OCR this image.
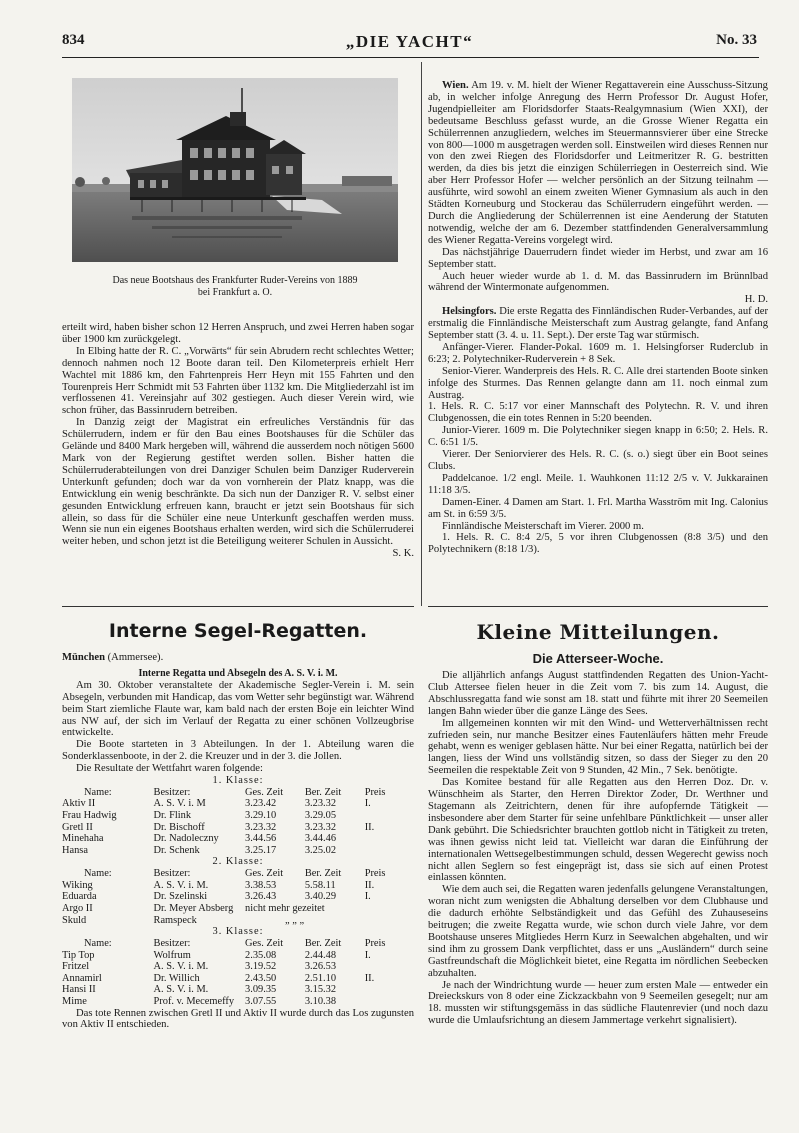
834	„DIE YACHT“	No. 33
Das neue Bootshaus des Frankfurter Ruder-Vereins von 1889
bei Frankfurt a. O.

erteilt wird, haben bisher schon 12 Herren Anspruch, und zwei Herren haben sogar über 1900 km zurückgelegt.

In Elbing hatte der R. C. „Vorwärts“ für sein Abrudern recht schlechtes Wetter; dennoch nahmen noch 12 Boote daran teil. Den Kilometerpreis erhielt Herr Wachtel mit 1886 km, den Fahrtenpreis Herr Heyn mit 155 Fahrten und den Tourenpreis Herr Schmidt mit 53 Fahrten über 1132 km. Die Mitgliederzahl ist im verflossenen 41. Vereinsjahr auf 302 gestiegen. Auch dieser Verein wird, wie schon früher, das Bassinrudern betreiben.

In Danzig zeigt der Magistrat ein erfreuliches Verständnis für das Schülerrudern, indem er für den Bau eines Bootshauses für die Schüler das Gelände und 8400 Mark hergeben will, während die ausserdem noch nötigen 5600 Mark von der Regierung gestiftet werden sollen. Bisher hatten die Schülerruderabteilungen von drei Danziger Schulen beim Danziger Ruderverein Unterkunft gefunden; doch war da von vornherein der Platz knapp, was die Entwicklung ein wenig beschränkte. Da sich nun der Danziger R. V. selbst einer gesunden Entwicklung erfreuen kann, braucht er jetzt sein Bootshaus für sich allein, so dass für die Schüler eine neue Unterkunft geschaffen werden muss. Wenn sie nun ein eigenes Bootshaus erhalten werden, wird sich die Schülerruderei weiter heben, und schon jetzt ist die Beteiligung weiterer Schulen in Aussicht.

S. K.

Wien. Am 19. v. M. hielt der Wiener Regattaverein eine Ausschuss-Sitzung ab, in welcher infolge Anregung des Herrn Professor Dr. August Hofer, Jugendpielleiter am Floridsdorfer Staats-Realgymnasium (Wien XXI), der bedeutsame Beschluss gefasst wurde, an die Grosse Wiener Regatta ein Schülerrennen anzugliedern, welches im Steuermannsvierer über eine Strecke von 800—1000 m ausgetragen werden soll. Einstweilen wird dieses Rennen nur von den zwei Riegen des Floridsdorfer und Leitmeritzer R. G. bestritten werden, da dies bis jetzt die einzigen Schülerriegen in Oesterreich sind. Wie aber Herr Professor Hofer — welcher persönlich an der Sitzung teilnahm — ausführte, wird sowohl an einem zweiten Wiener Gymnasium als auch in den Städten Korneuburg und Stockerau das Schülerrudern eingeführt werden. — Durch die Angliederung der Schülerrennen ist eine Aenderung der Statuten notwendig, welche der am 6. Dezember stattfindenden Generalversammlung des Wiener Regatta-Vereins vorgelegt wird.

Das nächstjährige Dauerrudern findet wieder im Herbst, und zwar am 16 September statt.

Auch heuer wieder wurde ab 1. d. M. das Bassinrudern im Brünnlbad während der Wintermonate aufgenommen.

H. D.

Helsingfors. Die erste Regatta des Finnländischen Ruder-Verbandes, auf der erstmalig die Finnländische Meisterschaft zum Austrag gelangte, fand Anfang September statt (3. 4. u. 11. Sept.). Der erste Tag war stürmisch.

Anfänger-Vierer. Flander-Pokal. 1609 m. 1. Helsingforser Ruderclub in 6:23; 2. Polytechniker-Ruderverein + 8 Sek.

Senior-Vierer. Wanderpreis des Hels. R. C. Alle drei startenden Boote sinken infolge des Sturmes. Das Rennen gelangte dann am 11. noch einmal zum Austrag.

1. Hels. R. C. 5:17 vor einer Mannschaft des Polytechn. R. V. und ihren Clubgenossen, die ein totes Rennen in 5:20 beenden.

Junior-Vierer. 1609 m. Die Polytechniker siegen knapp in 6:50; 2. Hels. R. C. 6:51 1/5.

Vierer. Der Seniorvierer des Hels. R. C. (s. o.) siegt über ein Boot seines Clubs.

Paddelcanoe. 1/2 engl. Meile. 1. Wauhkonen 11:12 2/5 v. V. Jukkarainen 11:18 3/5.

Damen-Einer. 4 Damen am Start. 1. Frl. Martha Wasström mit Ing. Calonius am St. in 6:59 3/5.

Finnländische Meisterschaft im Vierer. 2000 m.

1. Hels. R. C. 8:4 2/5, 5 vor ihren Clubgenossen (8:8 3/5) und den Polytechnikern (8:18 1/3).

Interne Segel-Regatten.
München (Ammersee).
Interne Regatta und Absegeln des A. S. V. i. M.

Am 30. Oktober veranstaltete der Akademische Segler-Verein i. M. sein Absegeln, verbunden mit Handicap, das vom Wetter sehr begünstigt war. Während beim Start ziemliche Flaute war, kam bald nach der ersten Boje ein leichter Wind aus NW auf, der sich im Verlauf der Regatta zu einer schönen Vollzeugbrise entwickelte.

Die Boote starteten in 3 Abteilungen. In der 1. Abteilung waren die Sonderklassenboote, in der 2. die Kreuzer und in der 3. die Jollen.

Die Resultate der Wettfahrt waren folgende:

1. Klasse:
Name:	Besitzer:	Ges. Zeit	Ber. Zeit	Preis
Aktiv II	A. S. V. i. M	3.23.42	3.23.32	I.
Frau Hadwig	Dr. Flink	3.29.10	3.29.05	
Gretl II	Dr. Bischoff	3.23.32	3.23.32	II.
Minehaha	Dr. Nadoleczny	3.44.56	3.44.46	
Hansa	Dr. Schenk	3.25.17	3.25.02	
2. Klasse:
Name:	Besitzer:	Ges. Zeit	Ber. Zeit	Preis
Wiking	A. S. V. i. M.	3.38.53	5.58.11	II.
Eduarda	Dr. Szelinski	3.26.43	3.40.29	I.
Argo II	Dr. Meyer Absberg	nicht mehr gezeitet		
Skuld	Ramspeck	„ „ „		
3. Klasse:
Name:	Besitzer:	Ges. Zeit	Ber. Zeit	Preis
Tip Top	Wolfrum	2.35.08	2.44.48	I.
Fritzel	A. S. V. i. M.	3.19.52	3.26.53	
Annamirl	Dr. Willich	2.43.50	2.51.10	II.
Hansi II	A. S. V. i. M.	3.09.35	3.15.32	
Mime	Prof. v. Mecemeffy	3.07.55	3.10.38	

Das tote Rennen zwischen Gretl II und Aktiv II wurde durch das Los zugunsten von Aktiv II entschieden.

Kleine Mitteilungen.
Die Atterseer-Woche.

Die alljährlich anfangs August stattfindenden Regatten des Union-Yacht-Club Attersee fielen heuer in die Zeit vom 7. bis zum 14. August, die Abschlussregatta fand wie sonst am 18. statt und führte mit ihrer 20 Seemeilen langen Bahn wieder über die ganze Länge des Sees.

Im allgemeinen konnten wir mit den Wind- und Wetterverhältnissen recht zufrieden sein, nur manche Besitzer eines Fautenläufers hätten mehr Freude gehabt, wenn es weniger geblasen hätte. Nur bei einer Regatta, natürlich bei der langen, liess der Wind uns vollständig sitzen, so dass der Sieger zu den 20 Seemeilen die respektable Zeit von 9 Stunden, 42 Min., 7 Sek. benötigte.

Das Komitee bestand für alle Regatten aus den Herren Doz. Dr. v. Wünschheim als Starter, den Herren Direktor Zoder, Dr. Werthner und Stagemann als Zeitrichtern, denen für ihre aufopfernde Tätigkeit — insbesondere aber dem Starter für seine unfehlbare Pünktlichkeit — unser aller Dank gebührt. Die Schiedsrichter brauchten gottlob nicht in Tätigkeit zu treten, was ihnen gewiss nicht leid tat. Vielleicht war daran die Einführung der internationalen Wettsegelbestimmungen schuld, dessen Wegerecht gewiss noch nicht allen Seglern so fest eingeprägt ist, dass sie sich auf einen Protest einlassen könnten.

Wie dem auch sei, die Regatten waren jedenfalls gelungene Veranstaltungen, woran nicht zum wenigsten die Abhaltung derselben vor dem Clubhause und die dadurch erhöhte Selbständigkeit und das Gefühl des Zuhauseseins beitrugen; die zweite Regatta wurde, wie schon durch viele Jahre, vor dem Bootshause unseres Mitgliedes Herrn Kurz in Seewalchen abgehalten, und wir sind ihm zu grossem Dank verpflichtet, dass er uns „Ausländern“ durch seine Gastfreundschaft die Möglichkeit bietet, eine Regatta im nördlichen Seebecken abzuhalten.

Je nach der Windrichtung wurde — heuer zum ersten Male — entweder ein Dreieckskurs von 8 oder eine Zickzackbahn von 9 Seemeilen gesegelt; nur am 18. mussten wir stiftungsgemäss in das südliche Flautenrevier (und noch dazu wurde die Umlaufsrichtung an diesem Jammertage verkehrt signalisiert).
